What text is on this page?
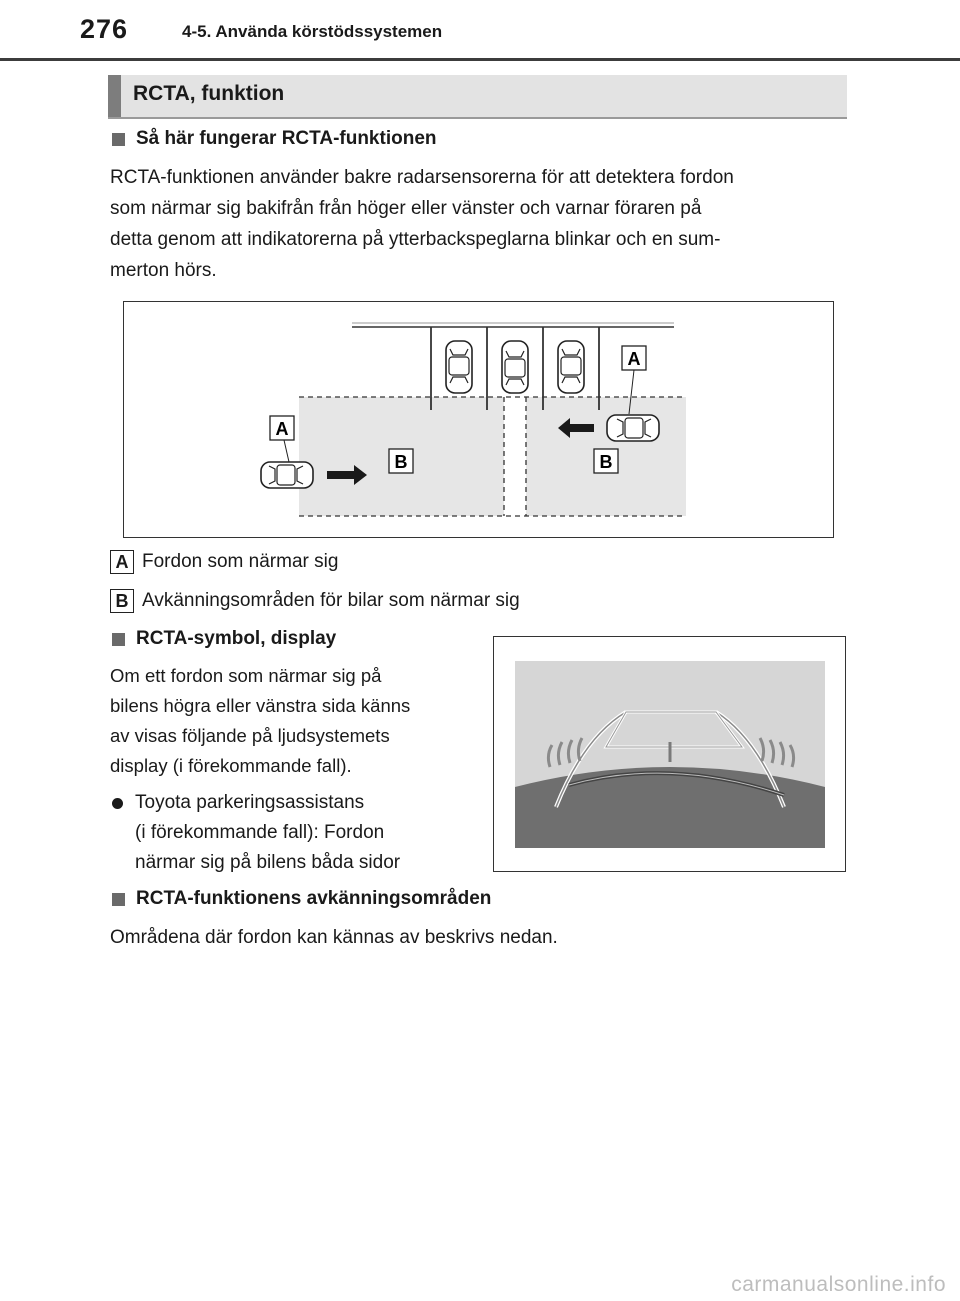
276	4-5. Använda körstödssystemen
RCTA, funktion
Så här fungerar RCTA-funktionen

RCTA-funktionen använder bakre radarsensorerna för att detektera fordon
som närmar sig bakifrån från höger eller vänster och varnar föraren på
detta genom att indikatorerna på ytterbackspeglarna blinkar och en sum-
merton hörs.

A
B
A
B
A Fordon som närmar sig
B Avkänningsområden för bilar som närmar sig
RCTA-symbol, display

Om ett fordon som närmar sig på
bilens högra eller vänstra sida känns
av visas följande på ljudsystemets
display (i förekommande fall).

Toyota parkeringsassistans
(i förekommande fall): Fordon
närmar sig på bilens båda sidor
RCTA-funktionens avkänningsområden

Områdena där fordon kan kännas av beskrivs nedan.

carmanualsonline.info
